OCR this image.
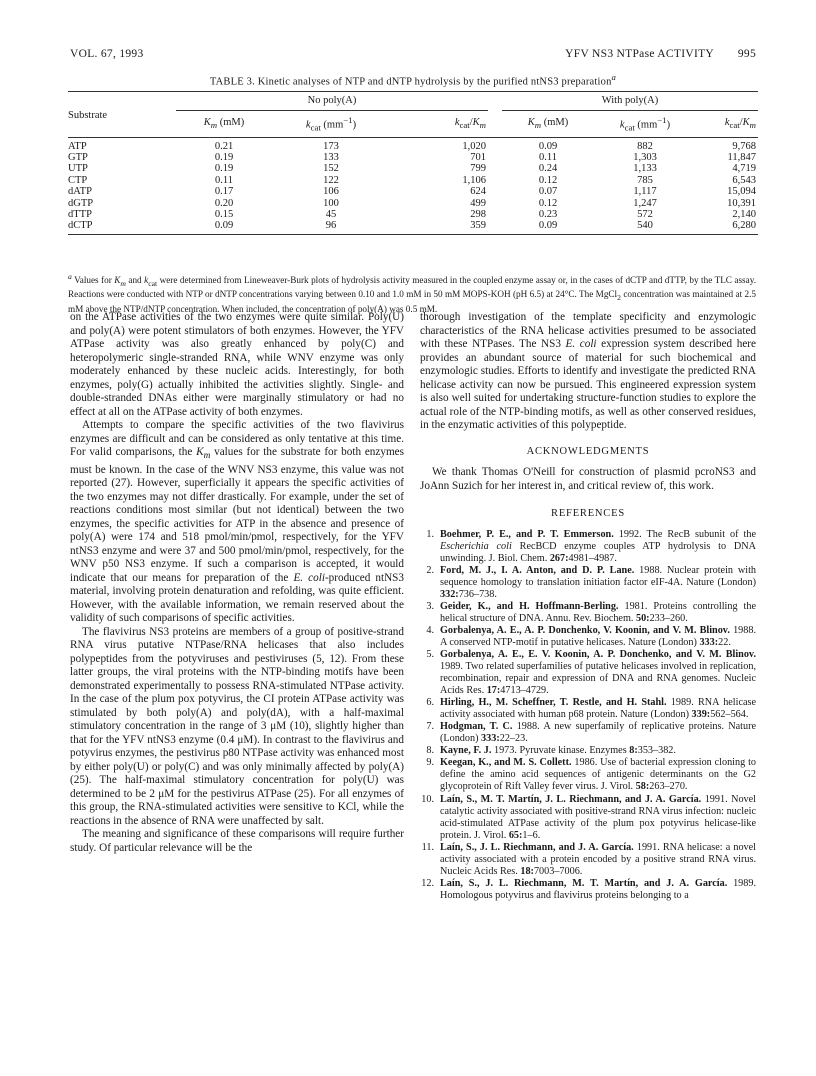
VOL. 67, 1993	YFV NS3 NTPase ACTIVITY 995
TABLE 3. Kinetic analyses of NTP and dNTP hydrolysis by the purified ntNS3 preparation$^a$
Substrate	No poly(A)				With poly(A)		
	$K_m$ (mM)	$k_{cat}$ $(mm^{-1})$	$k_{cat}/K_m$		$K_m$ (mM)	$k_{cat}$ $(mm^{-1})$	$k_{cat}/K_m$
ATP	0.21	173	1,020		0.09	882	9,768
GTP	0.19	133	701		0.11	1,303	11,847
UTP	0.19	152	799		0.24	1,133	4,719
CTP	0.11	122	1,106		0.12	785	6,543
dATP	0.17	106	624		0.07	1,117	15,094
dGTP	0.20	100	499		0.12	1,247	10,391
dTTP	0.15	45	298		0.23	572	2,140
dCTP	0.09	96	359		0.09	540	6,280
$^a$ Values for $K_m$ and $k_{cat}$ were determined from Lineweaver-Burk plots of hydrolysis activity measured in the coupled enzyme assay or, in the cases of dCTP and dTTP, by the TLC assay. Reactions were conducted with NTP or dNTP concentrations varying between 0.10 and 1.0 mM in 50 mM MOPS-KOH (pH 6.5) at 24°C. The MgCl$_2$ concentration was maintained at 2.5 mM above the NTP/dNTP concentration. When included, the concentration of poly(A) was 0.5 mM.

on the ATPase activities of the two enzymes were quite similar. Poly(U) and poly(A) were potent stimulators of both enzymes. However, the YFV ATPase activity was also greatly enhanced by poly(C) and heteropolymeric single-stranded RNA, while WNV enzyme was only moderately enhanced by these nucleic acids. Interestingly, for both enzymes, poly(G) actually inhibited the activities slightly. Single- and double-stranded DNAs either were marginally stimulatory or had no effect at all on the ATPase activity of both enzymes.

Attempts to compare the specific activities of the two flavivirus enzymes are difficult and can be considered as only tentative at this time. For valid comparisons, the $K_m$ values for the substrate for both enzymes must be known. In the case of the WNV NS3 enzyme, this value was not reported (27). However, superficially it appears the specific activities of the two enzymes may not differ drastically. For example, under the set of reactions conditions most similar (but not identical) between the two enzymes, the specific activities for ATP in the absence and presence of poly(A) were 174 and 518 pmol/min/pmol, respectively, for the YFV ntNS3 enzyme and were 37 and 500 pmol/min/pmol, respectively, for the WNV p50 NS3 enzyme. If such a comparison is accepted, it would indicate that our means for preparation of the E. coli-produced ntNS3 material, involving protein denaturation and refolding, was quite efficient. However, with the available information, we remain reserved about the validity of such comparisons of specific activities.

The flavivirus NS3 proteins are members of a group of positive-strand RNA virus putative NTPase/RNA helicases that also includes polypeptides from the potyviruses and pestiviruses (5, 12). From these latter groups, the viral proteins with the NTP-binding motifs have been demonstrated experimentally to possess RNA-stimulated NTPase activity. In the case of the plum pox potyvirus, the CI protein ATPase activity was stimulated by both poly(A) and poly(dA), with a half-maximal stimulatory concentration in the range of 3 μM (10), slightly higher than that for the YFV ntNS3 enzyme (0.4 μM). In contrast to the flavivirus and potyvirus enzymes, the pestivirus p80 NTPase activity was enhanced most by either poly(U) or poly(C) and was only minimally affected by poly(A) (25). The half-maximal stimulatory concentration for poly(U) was determined to be 2 μM for the pestivirus ATPase (25). For all enzymes of this group, the RNA-stimulated activities were sensitive to KCl, while the reactions in the absence of RNA were unaffected by salt.

The meaning and significance of these comparisons will require further study. Of particular relevance will be the

thorough investigation of the template specificity and enzymologic characteristics of the RNA helicase activities presumed to be associated with these NTPases. The NS3 E. coli expression system described here provides an abundant source of material for such biochemical and enzymologic studies. Efforts to identify and investigate the predicted RNA helicase activity can now be pursued. This engineered expression system is also well suited for undertaking structure-function studies to explore the actual role of the NTP-binding motifs, as well as other conserved residues, in the enzymatic activities of this polypeptide.

ACKNOWLEDGMENTS

We thank Thomas O'Neill for construction of plasmid pcroNS3 and JoAnn Suzich for her interest in, and critical review of, this work.

REFERENCES
1. Boehmer, P. E., and P. T. Emmerson. 1992. The RecB subunit of the Escherichia coli RecBCD enzyme couples ATP hydrolysis to DNA unwinding. J. Biol. Chem. 267:4981–4987.
2. Ford, M. J., I. A. Anton, and D. P. Lane. 1988. Nuclear protein with sequence homology to translation initiation factor eIF-4A. Nature (London) 332:736–738.
3. Geider, K., and H. Hoffmann-Berling. 1981. Proteins controlling the helical structure of DNA. Annu. Rev. Biochem. 50:233–260.
4. Gorbalenya, A. E., A. P. Donchenko, V. Koonin, and V. M. Blinov. 1988. A conserved NTP-motif in putative helicases. Nature (London) 333:22.
5. Gorbalenya, A. E., E. V. Koonin, A. P. Donchenko, and V. M. Blinov. 1989. Two related superfamilies of putative helicases involved in replication, recombination, repair and expression of DNA and RNA genomes. Nucleic Acids Res. 17:4713–4729.
6. Hirling, H., M. Scheffner, T. Restle, and H. Stahl. 1989. RNA helicase activity associated with human p68 protein. Nature (London) 339:562–564.
7. Hodgman, T. C. 1988. A new superfamily of replicative proteins. Nature (London) 333:22–23.
8. Kayne, F. J. 1973. Pyruvate kinase. Enzymes 8:353–382.
9. Keegan, K., and M. S. Collett. 1986. Use of bacterial expression cloning to define the amino acid sequences of antigenic determinants on the G2 glycoprotein of Rift Valley fever virus. J. Virol. 58:263–270.
10. Laín, S., M. T. Martín, J. L. Riechmann, and J. A. García. 1991. Novel catalytic activity associated with positive-strand RNA virus infection: nucleic acid-stimulated ATPase activity of the plum pox potyvirus helicase-like protein. J. Virol. 65:1–6.
11. Laín, S., J. L. Riechmann, and J. A. García. 1991. RNA helicase: a novel activity associated with a protein encoded by a positive strand RNA virus. Nucleic Acids Res. 18:7003–7006.
12. Laín, S., J. L. Riechmann, M. T. Martín, and J. A. García. 1989. Homologous potyvirus and flavivirus proteins belonging to a
